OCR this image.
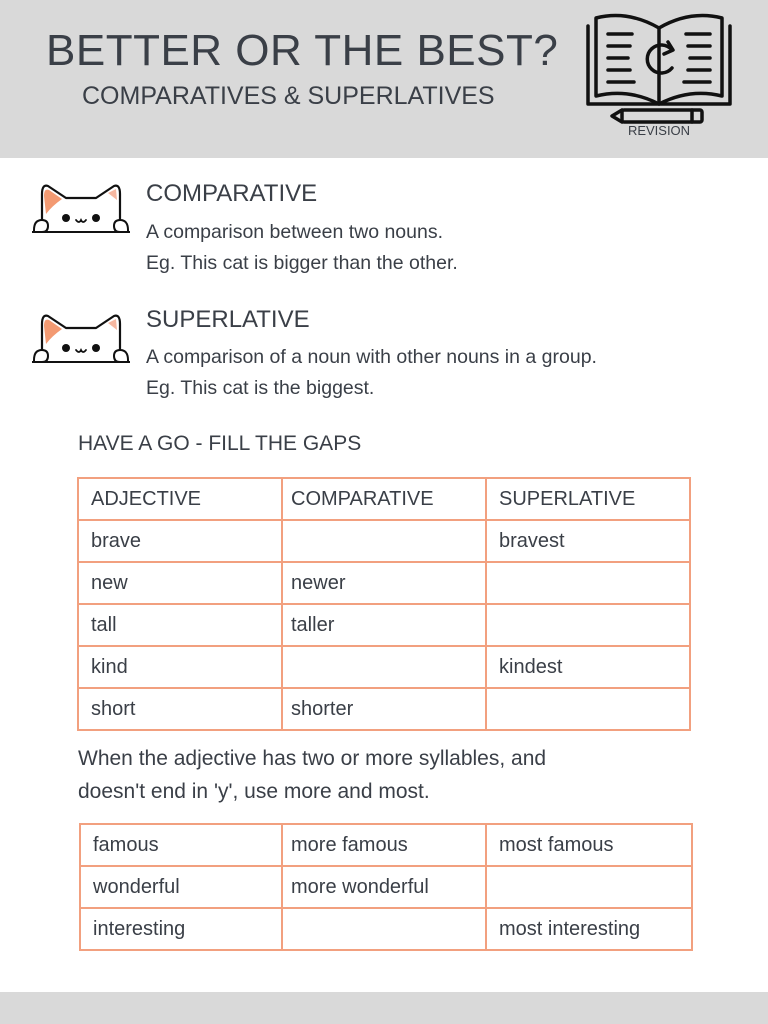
BETTER OR THE BEST?
COMPARATIVES & SUPERLATIVES
REVISION
COMPARATIVE
A comparison between two nouns.
Eg. This cat is bigger than the other.
SUPERLATIVE
A comparison of a noun with other nouns in a group.
Eg. This cat is the biggest.
HAVE A GO - FILL THE GAPS
ADJECTIVE	COMPARATIVE	SUPERLATIVE
brave		bravest
new	newer	
tall	taller	
kind		kindest
short	shorter	
When the adjective has two or more syllables, and
doesn't end in 'y', use more and most.
famous	more famous	most famous
wonderful	more wonderful	
interesting		most interesting
